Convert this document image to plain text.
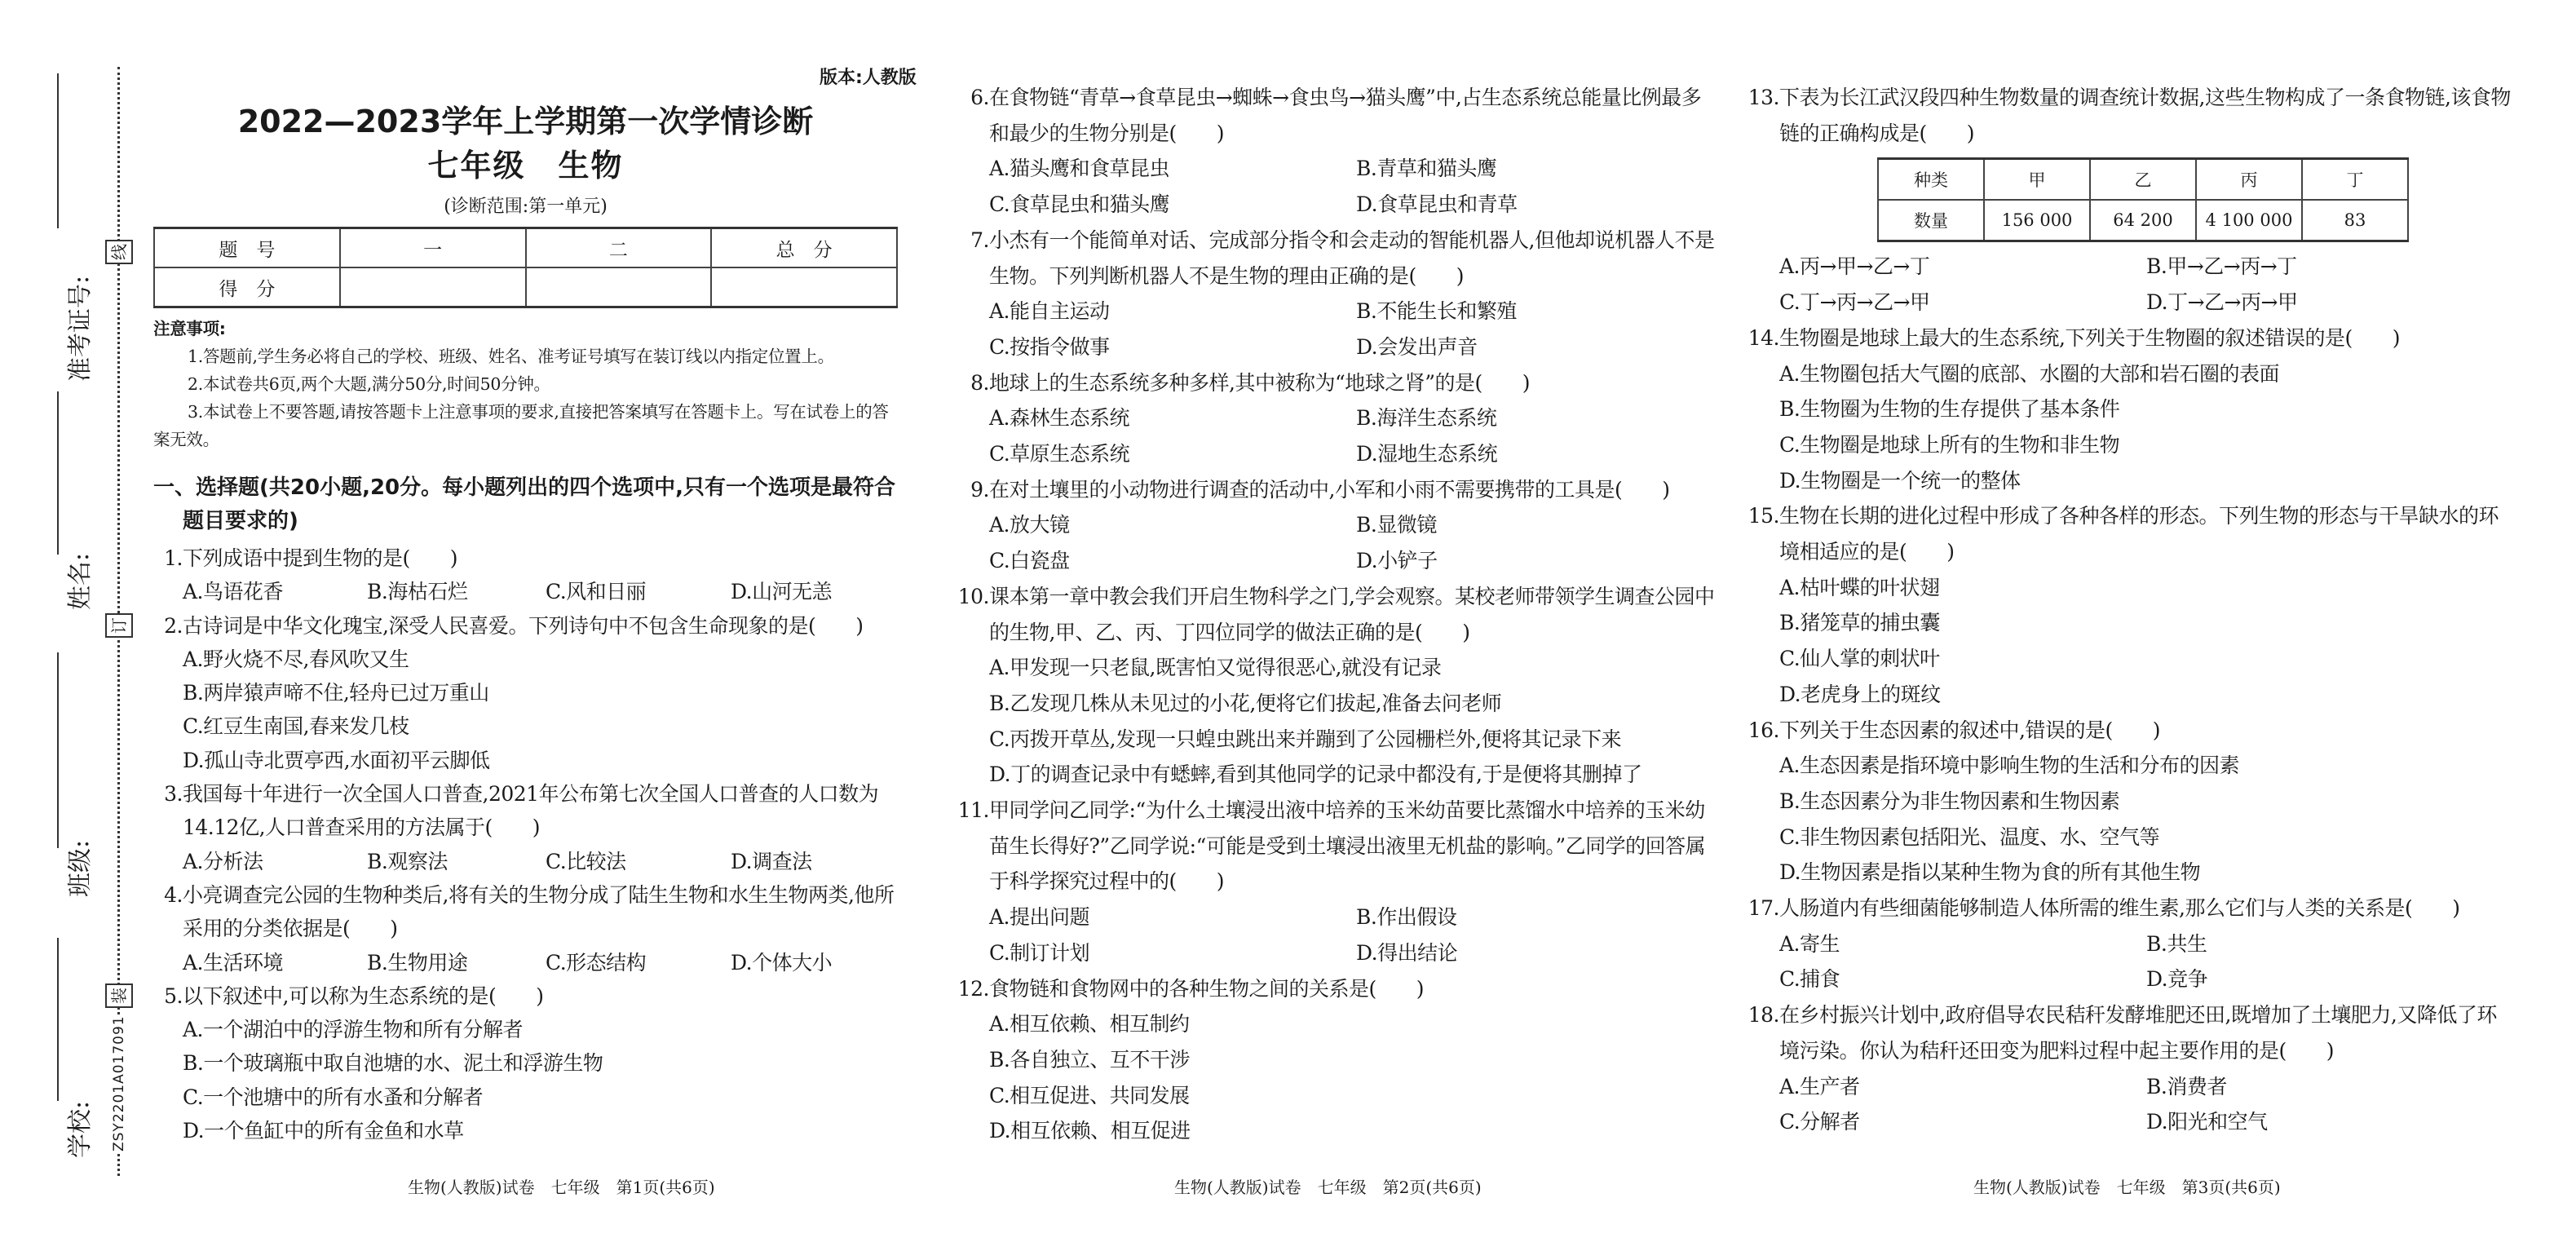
线
订
装
准考证号:
姓名:
班级:
学校: ZSY2201A017091
版本:人教版
2022—2023学年上学期第一次学情诊断
七年级　生物
(诊断范围:第一单元)
题　号	一	二	总　分
得　分			
注意事项:
1.答题前,学生务必将自己的学校、班级、姓名、准考证号填写在装订线以内指定位置上。
2.本试卷共6页,两个大题,满分50分,时间50分钟。
3.本试卷上不要答题,请按答题卡上注意事项的要求,直接把答案填写在答题卡上。写在试卷上的答案无效。
一、选择题(共20小题,20分。每小题列出的四个选项中,只有一个选项是最符合题目要求的)
1. 下列成语中提到生物的是(　　)
A.鸟语花香	B.海枯石烂	C.风和日丽	D.山河无恙
2. 古诗词是中华文化瑰宝,深受人民喜爱。下列诗句中不包含生命现象的是(　　)
A.野火烧不尽,春风吹又生
B.两岸猿声啼不住,轻舟已过万重山
C.红豆生南国,春来发几枝
D.孤山寺北贾亭西,水面初平云脚低
3. 我国每十年进行一次全国人口普查,2021年公布第七次全国人口普查的人口数为14.12亿,人口普查采用的方法属于(　　)
A.分析法	B.观察法	C.比较法	D.调查法
4. 小亮调查完公园的生物种类后,将有关的生物分成了陆生生物和水生生物两类,他所采用的分类依据是(　　)
A.生活环境	B.生物用途	C.形态结构	D.个体大小
5. 以下叙述中,可以称为生态系统的是(　　)
A.一个湖泊中的浮游生物和所有分解者
B.一个玻璃瓶中取自池塘的水、泥土和浮游生物
C.一个池塘中的所有水蚤和分解者
D.一个鱼缸中的所有金鱼和水草
6. 在食物链“青草→食草昆虫→蜘蛛→食虫鸟→猫头鹰”中,占生态系统总能量比例最多和最少的生物分别是(　　)
A.猫头鹰和食草昆虫	B.青草和猫头鹰
C.食草昆虫和猫头鹰	D.食草昆虫和青草
7. 小杰有一个能简单对话、完成部分指令和会走动的智能机器人,但他却说机器人不是生物。下列判断机器人不是生物的理由正确的是(　　)
A.能自主运动	B.不能生长和繁殖
C.按指令做事	D.会发出声音
8. 地球上的生态系统多种多样,其中被称为“地球之肾”的是(　　)
A.森林生态系统	B.海洋生态系统
C.草原生态系统	D.湿地生态系统
9. 在对土壤里的小动物进行调查的活动中,小军和小雨不需要携带的工具是(　　)
A.放大镜	B.显微镜
C.白瓷盘	D.小铲子
10. 课本第一章中教会我们开启生物科学之门,学会观察。某校老师带领学生调查公园中的生物,甲、乙、丙、丁四位同学的做法正确的是(　　)
A.甲发现一只老鼠,既害怕又觉得很恶心,就没有记录
B.乙发现几株从未见过的小花,便将它们拔起,准备去问老师
C.丙拨开草丛,发现一只蝗虫跳出来并蹦到了公园栅栏外,便将其记录下来
D.丁的调查记录中有蟋蟀,看到其他同学的记录中都没有,于是便将其删掉了
11. 甲同学问乙同学:“为什么土壤浸出液中培养的玉米幼苗要比蒸馏水中培养的玉米幼苗生长得好?”乙同学说:“可能是受到土壤浸出液里无机盐的影响。”乙同学的回答属于科学探究过程中的(　　)
A.提出问题	B.作出假设
C.制订计划	D.得出结论
12. 食物链和食物网中的各种生物之间的关系是(　　)
A.相互依赖、相互制约
B.各自独立、互不干涉
C.相互促进、共同发展
D.相互依赖、相互促进
13. 下表为长江武汉段四种生物数量的调查统计数据,这些生物构成了一条食物链,该食物链的正确构成是(　　)
种类	甲	乙	丙	丁
数量	156 000	64 200	4 100 000	83
A.丙→甲→乙→丁	B.甲→乙→丙→丁
C.丁→丙→乙→甲	D.丁→乙→丙→甲
14. 生物圈是地球上最大的生态系统,下列关于生物圈的叙述错误的是(　　)
A.生物圈包括大气圈的底部、水圈的大部和岩石圈的表面
B.生物圈为生物的生存提供了基本条件
C.生物圈是地球上所有的生物和非生物
D.生物圈是一个统一的整体
15. 生物在长期的进化过程中形成了各种各样的形态。下列生物的形态与干旱缺水的环境相适应的是(　　)
A.枯叶蝶的叶状翅
B.猪笼草的捕虫囊
C.仙人掌的刺状叶
D.老虎身上的斑纹
16. 下列关于生态因素的叙述中,错误的是(　　)
A.生态因素是指环境中影响生物的生活和分布的因素
B.生态因素分为非生物因素和生物因素
C.非生物因素包括阳光、温度、水、空气等
D.生物因素是指以某种生物为食的所有其他生物
17. 人肠道内有些细菌能够制造人体所需的维生素,那么它们与人类的关系是(　　)
A.寄生	B.共生
C.捕食	D.竞争
18. 在乡村振兴计划中,政府倡导农民秸秆发酵堆肥还田,既增加了土壤肥力,又降低了环境污染。你认为秸秆还田变为肥料过程中起主要作用的是(　　)
A.生产者	B.消费者
C.分解者	D.阳光和空气
生物(人教版)试卷　七年级　第1页(共6页)	生物(人教版)试卷　七年级　第2页(共6页)	生物(人教版)试卷　七年级　第3页(共6页)
